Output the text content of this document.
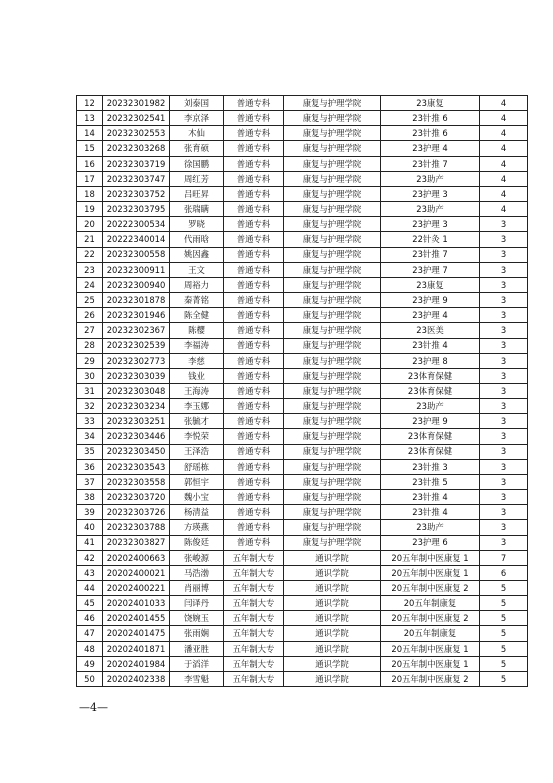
12	20232301982	刘泰国	普通专科	康复与护理学院	23康复	4
13	20232302541	李京泽	普通专科	康复与护理学院	23针推 6	4
14	20232302553	木仙	普通专科	康复与护理学院	23针推 6	4
15	20232303268	张育硕	普通专科	康复与护理学院	23护理 4	4
16	20232303719	徐国鹏	普通专科	康复与护理学院	23针推 7	4
17	20232303747	周红芳	普通专科	康复与护理学院	23助产	4
18	20232303752	吕旺昇	普通专科	康复与护理学院	23护理 3	4
19	20232303795	张瑞瞒	普通专科	康复与护理学院	23助产	4
20	20222300534	罗晓	普通专科	康复与护理学院	23护理 3	3
21	20222340014	代雨晗	普通专科	康复与护理学院	22针灸 1	3
22	20232300558	姚因鑫	普通专科	康复与护理学院	23针推 7	3
23	20232300911	王文	普通专科	康复与护理学院	23护理 7	3
24	20232300940	周裕力	普通专科	康复与护理学院	23康复	3
25	20232301878	秦菁铭	普通专科	康复与护理学院	23护理 9	3
26	20232301946	陈全健	普通专科	康复与护理学院	23护理 4	3
27	20232302367	陈樱	普通专科	康复与护理学院	23医美	3
28	20232302539	李福涛	普通专科	康复与护理学院	23针推 4	3
29	20232302773	李慈	普通专科	康复与护理学院	23护理 8	3
30	20232303039	钱业	普通专科	康复与护理学院	23体育保健	3
31	20232303048	王海涛	普通专科	康复与护理学院	23体育保健	3
32	20232303234	李玉娜	普通专科	康复与护理学院	23助产	3
33	20232303251	张毓才	普通专科	康复与护理学院	23护理 9	3
34	20232303446	李悦荣	普通专科	康复与护理学院	23体育保健	3
35	20232303450	王泽浩	普通专科	康复与护理学院	23体育保健	3
36	20232303543	舒瑶栋	普通专科	康复与护理学院	23针推 3	3
37	20232303558	郭恒宇	普通专科	康复与护理学院	23针推 5	3
38	20232303720	魏小宝	普通专科	康复与护理学院	23针推 4	3
39	20232303726	杨清益	普通专科	康复与护理学院	23针推 4	3
40	20232303788	方瑛燕	普通专科	康复与护理学院	23助产	3
41	20232303827	陈俊廷	普通专科	康复与护理学院	23护理 6	3
42	20202400663	张峻源	五年制大专	通识学院	20五年制中医康复 1	7
43	20202400021	马浩渤	五年制大专	通识学院	20五年制中医康复 1	6
44	20202400221	肖丽博	五年制大专	通识学院	20五年制中医康复 2	5
45	20202401033	闫译丹	五年制大专	通识学院	20五年制康复	5
46	20202401455	饶婉玉	五年制大专	通识学院	20五年制中医康复 2	5
47	20202401475	张雨娴	五年制大专	通识学院	20五年制康复	5
48	20202401871	潘亚胜	五年制大专	通识学院	20五年制中医康复 1	5
49	20202401984	于滔洋	五年制大专	通识学院	20五年制中医康复 1	5
50	20202402338	李雪魁	五年制大专	通识学院	20五年制中医康复 2	5
—4—
